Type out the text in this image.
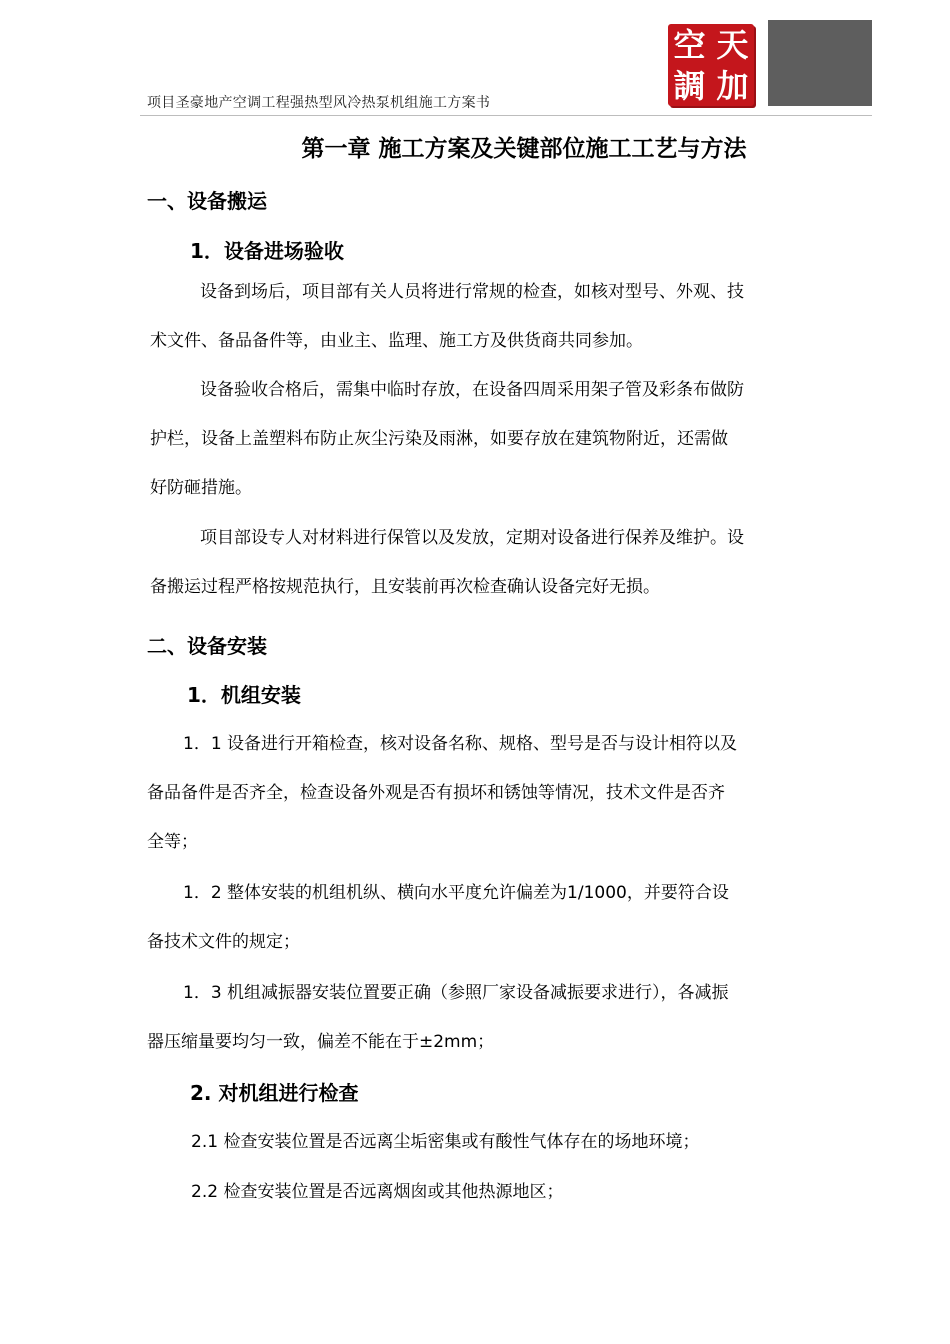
空 天
調 加
项目圣豪地产空调工程强热型风冷热泵机组施工方案书
第一章 施工方案及关键部位施工工艺与方法
一、设备搬运
1．设备进场验收

设备到场后，项目部有关人员将进行常规的检查，如核对型号、外观、技
术文件、备品备件等，由业主、监理、施工方及供货商共同参加。

设备验收合格后，需集中临时存放，在设备四周采用架子管及彩条布做防
护栏，设备上盖塑料布防止灰尘污染及雨淋，如要存放在建筑物附近，还需做
好防砸措施。

项目部设专人对材料进行保管以及发放，定期对设备进行保养及维护。设
备搬运过程严格按规范执行，且安装前再次检查确认设备完好无损。

二、设备安装
1．机组安装

1．1 设备进行开箱检查，核对设备名称、规格、型号是否与设计相符以及
备品备件是否齐全，检查设备外观是否有损坏和锈蚀等情况，技术文件是否齐
全等；

1．2 整体安装的机组机纵、横向水平度允许偏差为1/1000，并要符合设
备技术文件的规定；

1．3 机组减振器安装位置要正确（参照厂家设备减振要求进行），各减振
器压缩量要均匀一致，偏差不能在于±2mm；

2. 对机组进行检查

2.1 检查安装位置是否远离尘垢密集或有酸性气体存在的场地环境；

2.2 检查安装位置是否远离烟囱或其他热源地区；
